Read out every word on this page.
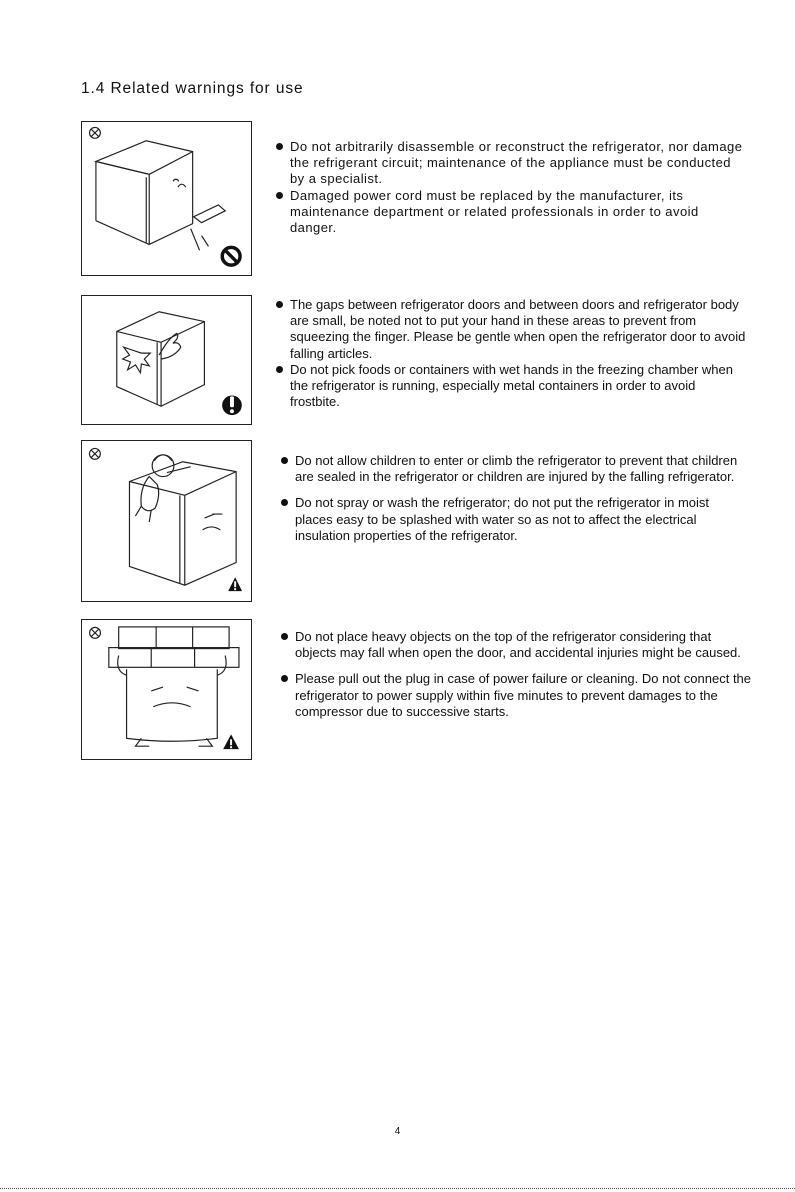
1.4 Related warnings for use
Do not arbitrarily disassemble or reconstruct the refrigerator, nor damage the refrigerant circuit; maintenance of the appliance must be conducted by a specialist.
Damaged power cord must be replaced by the manufacturer, its maintenance department or related professionals in order to avoid danger.
The gaps between refrigerator doors and between doors and refrigerator body are small, be noted not to put your hand in these areas to prevent from squeezing the finger. Please be gentle when open the refrigerator door to avoid falling articles.
Do not pick foods or containers with wet hands in the freezing chamber when the refrigerator is running, especially metal containers in order to avoid frostbite.
Do not allow children to enter or climb the refrigerator to prevent that children are sealed in the refrigerator or children are injured by the falling refrigerator.
Do not spray or wash the refrigerator; do not put the refrigerator in moist places easy to be splashed with water so as not to affect the electrical insulation properties of the refrigerator.
Do not place heavy objects on the top of the refrigerator considering that objects may fall when open the door, and accidental injuries might be caused.
Please pull out the plug in case of power failure or cleaning. Do not connect the refrigerator to power supply within five minutes to prevent damages to the compressor due to successive starts.
4
